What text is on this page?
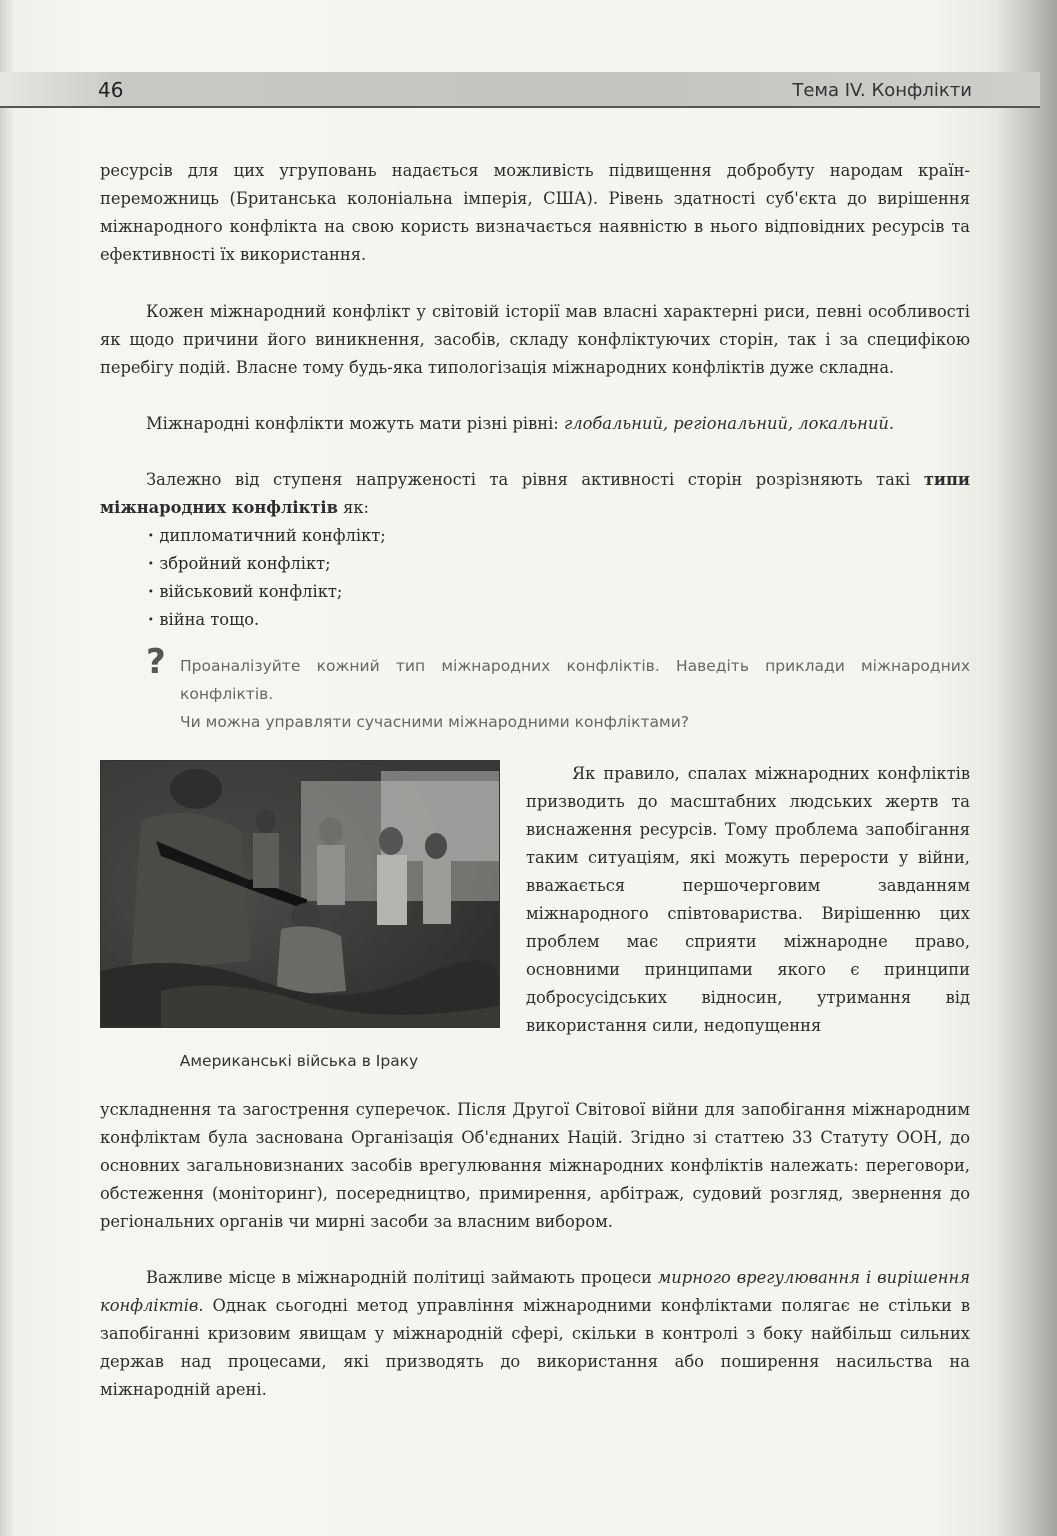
46	Тема IV. Конфлікти

ресурсів для цих угруповань надається можливість підвищення добробуту народам країн-переможниць (Британська колоніальна імперія, США). Рівень здатності суб'єкта до вирішення міжнародного конфлікта на свою користь визначається наявністю в нього відповідних ресурсів та ефективності їх використання.

Кожен міжнародний конфлікт у світовій історії мав власні характерні риси, певні особливості як щодо причини його виникнення, засобів, складу конфліктуючих сторін, так і за специфікою перебігу подій. Власне тому будь-яка типологізація міжнародних конфліктів дуже складна.

Міжнародні конфлікти можуть мати різні рівні: глобальний, регіональний, локальний.

Залежно від ступеня напруженості та рівня активності сторін розрізняють такі типи міжнародних конфліктів як:

· дипломатичний конфлікт;
· збройний конфлікт;
· військовий конфлікт;
· війна тощо.
? Проаналізуйте кожний тип міжнародних конфліктів. Наведіть приклади міжнародних конфліктів.

Чи можна управляти сучасними міжнародними конфліктами?

Американські війська в Іраку

Як правило, спалах міжнародних конфліктів призводить до масштабних людських жертв та виснаження ресурсів. Тому проблема запобігання таким ситуаціям, які можуть перерости у війни, вважається першочерговим завданням міжнародного співтовариства. Вирішенню цих проблем має сприяти міжнародне право, основними принципами якого є принципи добросусідських відносин, утримання від використання сили, недопущення

ускладнення та загострення суперечок. Після Другої Світової війни для запобігання міжнародним конфліктам була заснована Організація Об'єднаних Націй. Згідно зі статтею 33 Статуту ООН, до основних загальновизнаних засобів врегулювання міжнародних конфліктів належать: переговори, обстеження (моніторинг), посередництво, примирення, арбітраж, судовий розгляд, звернення до регіональних органів чи мирні засоби за власним вибором.

Важливе місце в міжнародній політиці займають процеси мирного врегулювання і вирішення конфліктів. Однак сьогодні метод управління міжнародними конфліктами полягає не стільки в запобіганні кризовим явищам у міжнародній сфері, скільки в контролі з боку найбільш сильних держав над процесами, які призводять до використання або поширення насильства на міжнародній арені.
